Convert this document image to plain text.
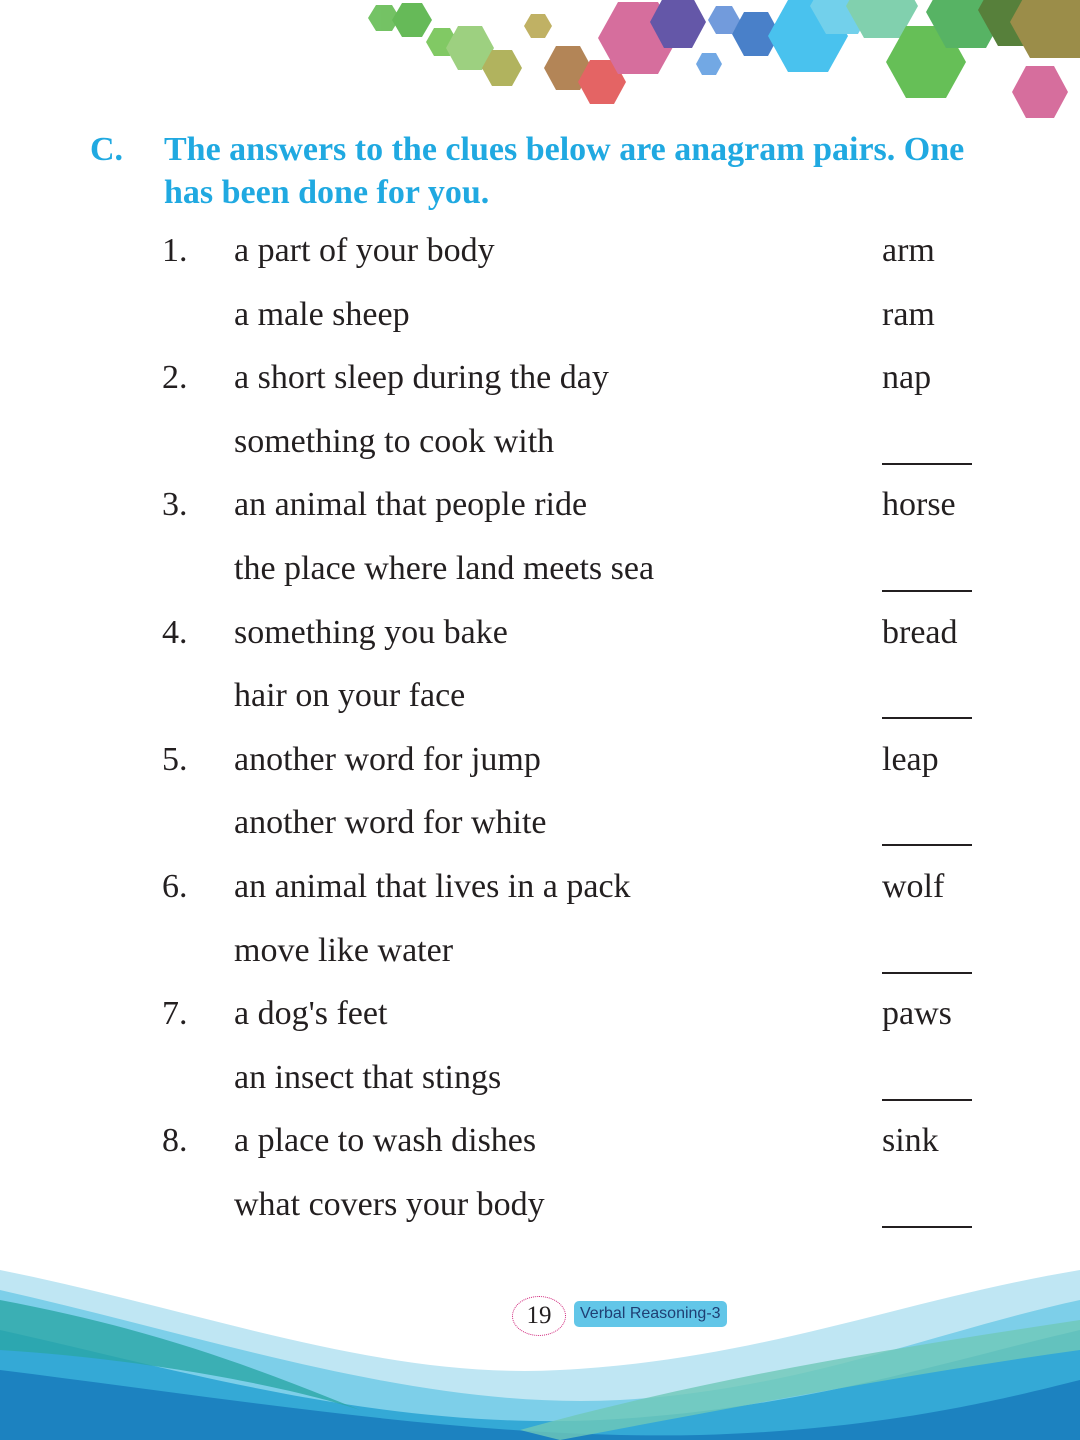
C. The answers to the clues below are anagram pairs. One has been done for you.
1. a part of your body	arm
a male sheep	ram
2. a short sleep during the day	nap
something to cook with
3. an animal that people ride	horse
the place where land meets sea
4. something you bake	bread
hair on your face
5. another word for jump	leap
another word for white
6. an animal that lives in a pack	wolf
move like water
7. a dog's feet	paws
an insect that stings
8. a place to wash dishes	sink
what covers your body
19	Verbal Reasoning-3
